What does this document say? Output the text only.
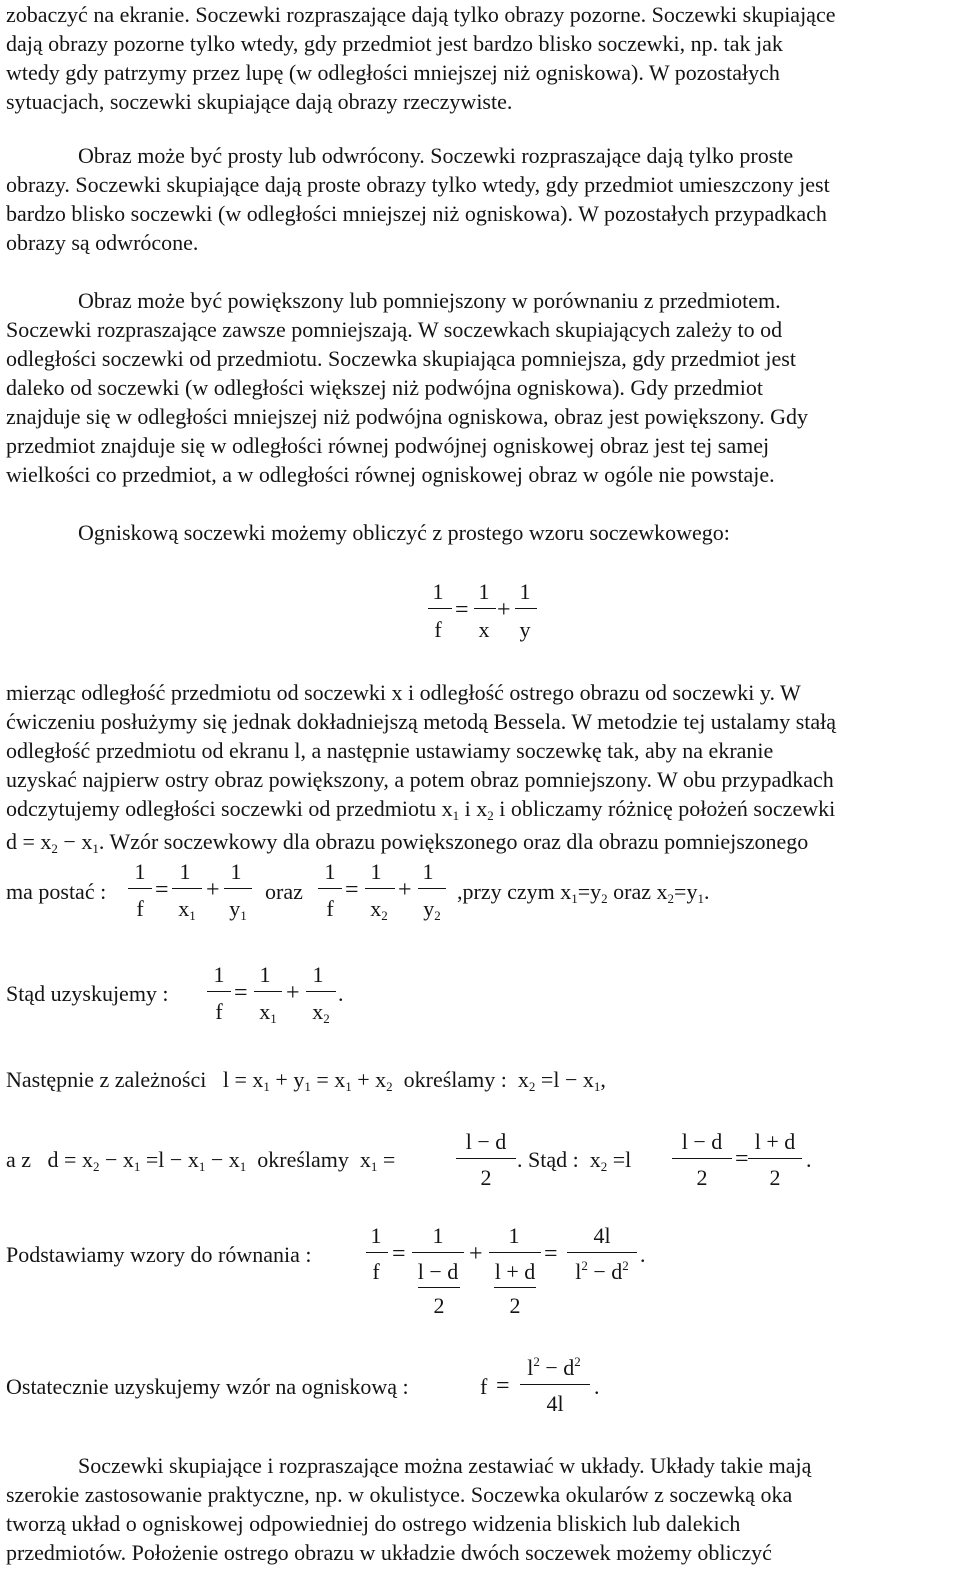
zobaczyć na ekranie. Soczewki rozpraszające dają tylko obrazy pozorne. Soczewki skupiające
dają obrazy pozorne tylko wtedy, gdy przedmiot jest bardzo blisko soczewki, np. tak jak
wtedy gdy patrzymy przez lupę (w odległości mniejszej niż ogniskowa). W pozostałych
sytuacjach, soczewki skupiające dają obrazy rzeczywiste.
Obraz może być prosty lub odwrócony. Soczewki rozpraszające dają tylko proste
obrazy. Soczewki skupiające dają proste obrazy tylko wtedy, gdy przedmiot umieszczony jest
bardzo blisko soczewki (w odległości mniejszej niż ogniskowa). W pozostałych przypadkach
obrazy są odwrócone.
Obraz może być powiększony lub pomniejszony w porównaniu z przedmiotem.
Soczewki rozpraszające zawsze pomniejszają. W soczewkach skupiających zależy to od
odległości soczewki od przedmiotu. Soczewka skupiająca pomniejsza, gdy przedmiot jest
daleko od soczewki (w odległości większej niż podwójna ogniskowa). Gdy przedmiot
znajduje się w odległości mniejszej niż podwójna ogniskowa, obraz jest powiększony. Gdy
przedmiot znajduje się w odległości równej podwójnej ogniskowej obraz jest tej samej
wielkości co przedmiot, a w odległości równej ogniskowej obraz w ogóle nie powstaje.
Ogniskową soczewki możemy obliczyć z prostego wzoru soczewkowego:
1
f
=
1
x
+
1
y
mierząc odległość przedmiotu od soczewki x i odległość ostrego obrazu od soczewki y. W
ćwiczeniu posłużymy się jednak dokładniejszą metodą Bessela. W metodzie tej ustalamy stałą
odległość przedmiotu od ekranu l, a następnie ustawiamy soczewkę tak, aby na ekranie
uzyskać najpierw ostry obraz powiększony, a potem obraz pomniejszony. W obu przypadkach
odczytujemy odległości soczewki od przedmiotu $x_1$ i $x_2$ i obliczamy różnicę położeń soczewki
$d = x_2 - x_1$. Wzór soczewkowy dla obrazu powiększonego oraz dla obrazu pomniejszonego
ma postać :
1
f
=
1
$x_1$
+
1
$y_1$
oraz
1
f
=
1
$x_2$
+
1
$y_2$
,przy czym $x_1=y_2$ oraz $x_2=y_1$.
Stąd uzyskujemy :
1
f
=
1
$x_1$
+
1
$x_2$
.
Następnie z zależności $l = x_1 + y_1 = x_1 + x_2$ określamy : $x_2 =l - x_1$,
a z $d = x_2 - x_1 =l - x_1 - x_1$ określamy $x_1$ =
l − d
2
. Stąd : $x_2 =l$
l − d
2
=
l + d
2
.
Podstawiamy wzory do równania :
1
f
=
1
l − d
2
+
1
l + d
2
=
4l
$l^2 - d^2$ .
Ostatecznie uzyskujemy wzór na ogniskową :	f =
$l^2 - d^2$
4l
.
Soczewki skupiające i rozpraszające można zestawiać w układy. Układy takie mają
szerokie zastosowanie praktyczne, np. w okulistyce. Soczewka okularów z soczewką oka
tworzą układ o ogniskowej odpowiedniej do ostrego widzenia bliskich lub dalekich
przedmiotów. Położenie ostrego obrazu w układzie dwóch soczewek możemy obliczyć
